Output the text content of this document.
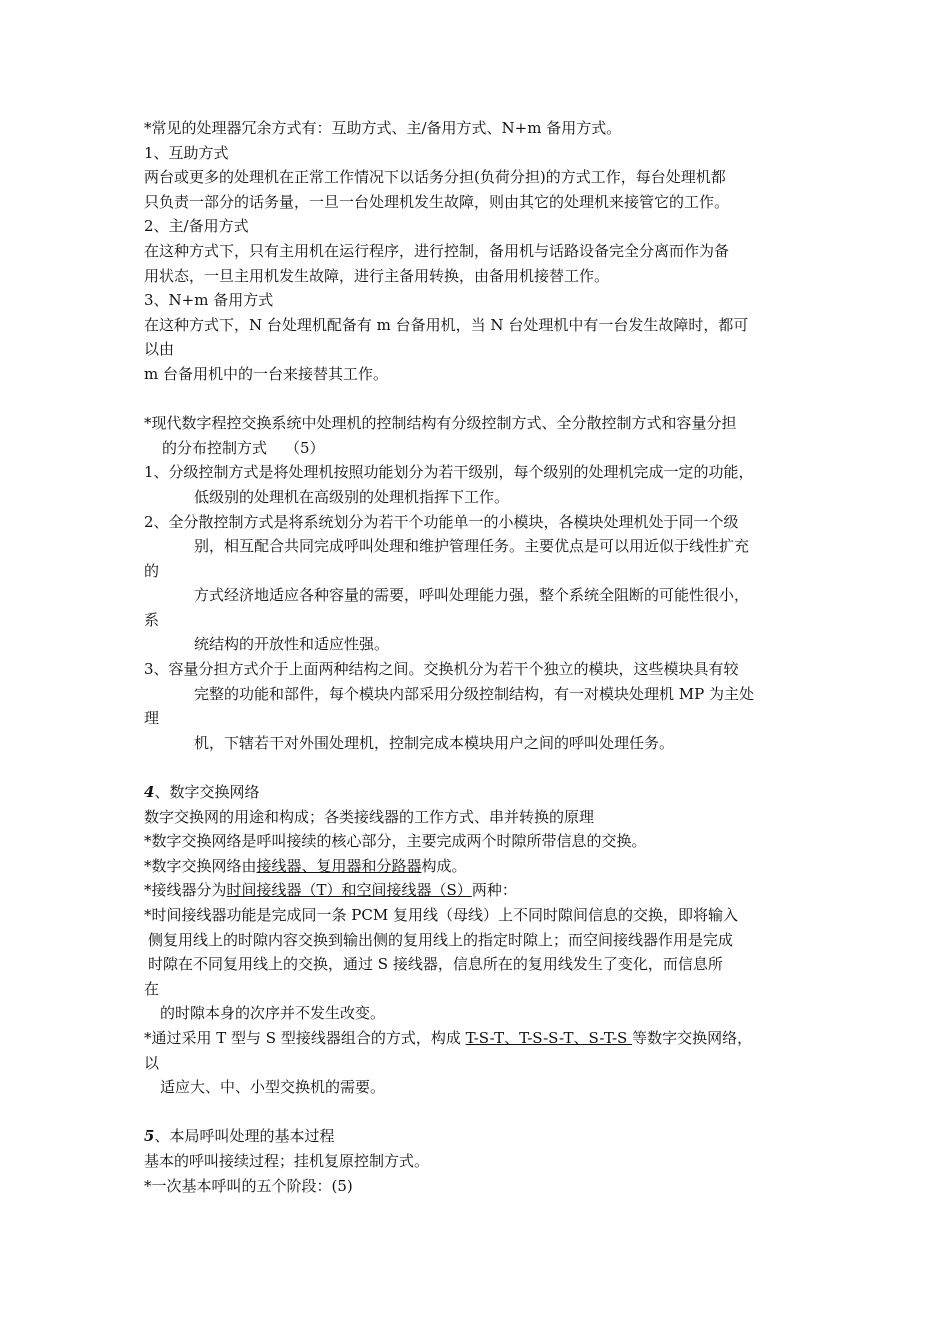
*常见的处理器冗余方式有：互助方式、主/备用方式、N+m 备用方式。
1、互助方式
两台或更多的处理机在正常工作情况下以话务分担(负荷分担)的方式工作，每台处理机都
只负责一部分的话务量，一旦一台处理机发生故障，则由其它的处理机来接管它的工作。
2、主/备用方式
在这种方式下，只有主用机在运行程序，进行控制，备用机与话路设备完全分离而作为备
用状态，一旦主用机发生故障，进行主备用转换，由备用机接替工作。
3、N+m 备用方式
在这种方式下，N 台处理机配备有 m 台备用机，当 N 台处理机中有一台发生故障时，都可
以由
m 台备用机中的一台来接替其工作。
*现代数字程控交换系统中处理机的控制结构有分级控制方式、全分散控制方式和容量分担
的分布控制方式 （5）
1、分级控制方式是将处理机按照功能划分为若干级别，每个级别的处理机完成一定的功能，
低级别的处理机在高级别的处理机指挥下工作。
2、全分散控制方式是将系统划分为若干个功能单一的小模块，各模块处理机处于同一个级
别，相互配合共同完成呼叫处理和维护管理任务。主要优点是可以用近似于线性扩充
的
方式经济地适应各种容量的需要，呼叫处理能力强，整个系统全阻断的可能性很小，
系
统结构的开放性和适应性强。
3、容量分担方式介于上面两种结构之间。交换机分为若干个独立的模块，这些模块具有较
完整的功能和部件，每个模块内部采用分级控制结构，有一对模块处理机 MP 为主处
理
机，下辖若干对外围处理机，控制完成本模块用户之间的呼叫处理任务。
4、数字交换网络
数字交换网的用途和构成；各类接线器的工作方式、串并转换的原理
*数字交换网络是呼叫接续的核心部分，主要完成两个时隙所带信息的交换。
*数字交换网络由接线器、复用器和分路器构成。
*接线器分为时间接线器（T）和空间接线器（S）两种：
*时间接线器功能是完成同一条 PCM 复用线（母线）上不同时隙间信息的交换，即将输入
侧复用线上的时隙内容交换到输出侧的复用线上的指定时隙上；而空间接线器作用是完成
时隙在不同复用线上的交换，通过 S 接线器，信息所在的复用线发生了变化，而信息所
在
的时隙本身的次序并不发生改变。
*通过采用 T 型与 S 型接线器组合的方式，构成 T-S-T、T-S-S-T、S-T-S 等数字交换网络，
以
适应大、中、小型交换机的需要。
5、本局呼叫处理的基本过程
基本的呼叫接续过程；挂机复原控制方式。
*一次基本呼叫的五个阶段：(5)
